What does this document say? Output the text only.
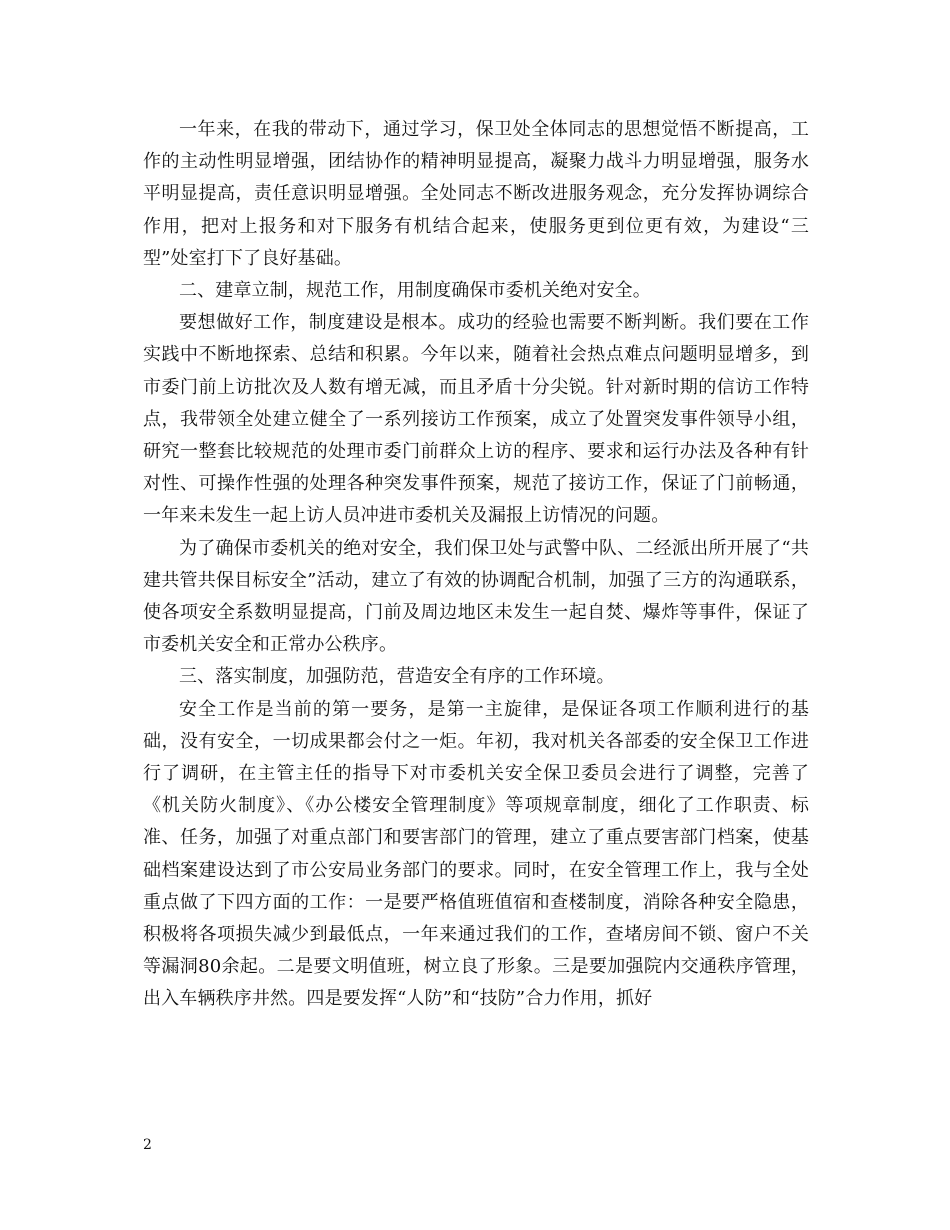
一年来，在我的带动下，通过学习，保卫处全体同志的思想觉悟不断提高，工作的主动性明显增强，团结协作的精神明显提高，凝聚力战斗力明显增强，服务水平明显提高，责任意识明显增强。全处同志不断改进服务观念，充分发挥协调综合作用，把对上报务和对下服务有机结合起来，使服务更到位更有效，为建设“三型”处室打下了良好基础。

二、建章立制，规范工作，用制度确保市委机关绝对安全。

要想做好工作，制度建设是根本。成功的经验也需要不断判断。我们要在工作实践中不断地探索、总结和积累。今年以来，随着社会热点难点问题明显增多，到市委门前上访批次及人数有增无减，而且矛盾十分尖锐。针对新时期的信访工作特点，我带领全处建立健全了一系列接访工作预案，成立了处置突发事件领导小组，研究一整套比较规范的处理市委门前群众上访的程序、要求和运行办法及各种有针对性、可操作性强的处理各种突发事件预案，规范了接访工作，保证了门前畅通，一年来未发生一起上访人员冲进市委机关及漏报上访情况的问题。

为了确保市委机关的绝对安全，我们保卫处与武警中队、二经派出所开展了“共建共管共保目标安全”活动，建立了有效的协调配合机制，加强了三方的沟通联系，使各项安全系数明显提高，门前及周边地区未发生一起自焚、爆炸等事件，保证了市委机关安全和正常办公秩序。

三、落实制度，加强防范，营造安全有序的工作环境。

安全工作是当前的第一要务，是第一主旋律，是保证各项工作顺利进行的基础，没有安全，一切成果都会付之一炬。年初，我对机关各部委的安全保卫工作进行了调研，在主管主任的指导下对市委机关安全保卫委员会进行了调整，完善了《机关防火制度》、《办公楼安全管理制度》等项规章制度，细化了工作职责、标准、任务，加强了对重点部门和要害部门的管理，建立了重点要害部门档案，使基础档案建设达到了市公安局业务部门的要求。同时，在安全管理工作上，我与全处重点做了下四方面的工作：一是要严格值班值宿和查楼制度，消除各种安全隐患，积极将各项损失减少到最低点，一年来通过我们的工作，查堵房间不锁、窗户不关等漏洞80余起。二是要文明值班，树立良了形象。三是要加强院内交通秩序管理，出入车辆秩序井然。四是要发挥“人防”和“技防”合力作用，抓好

2
